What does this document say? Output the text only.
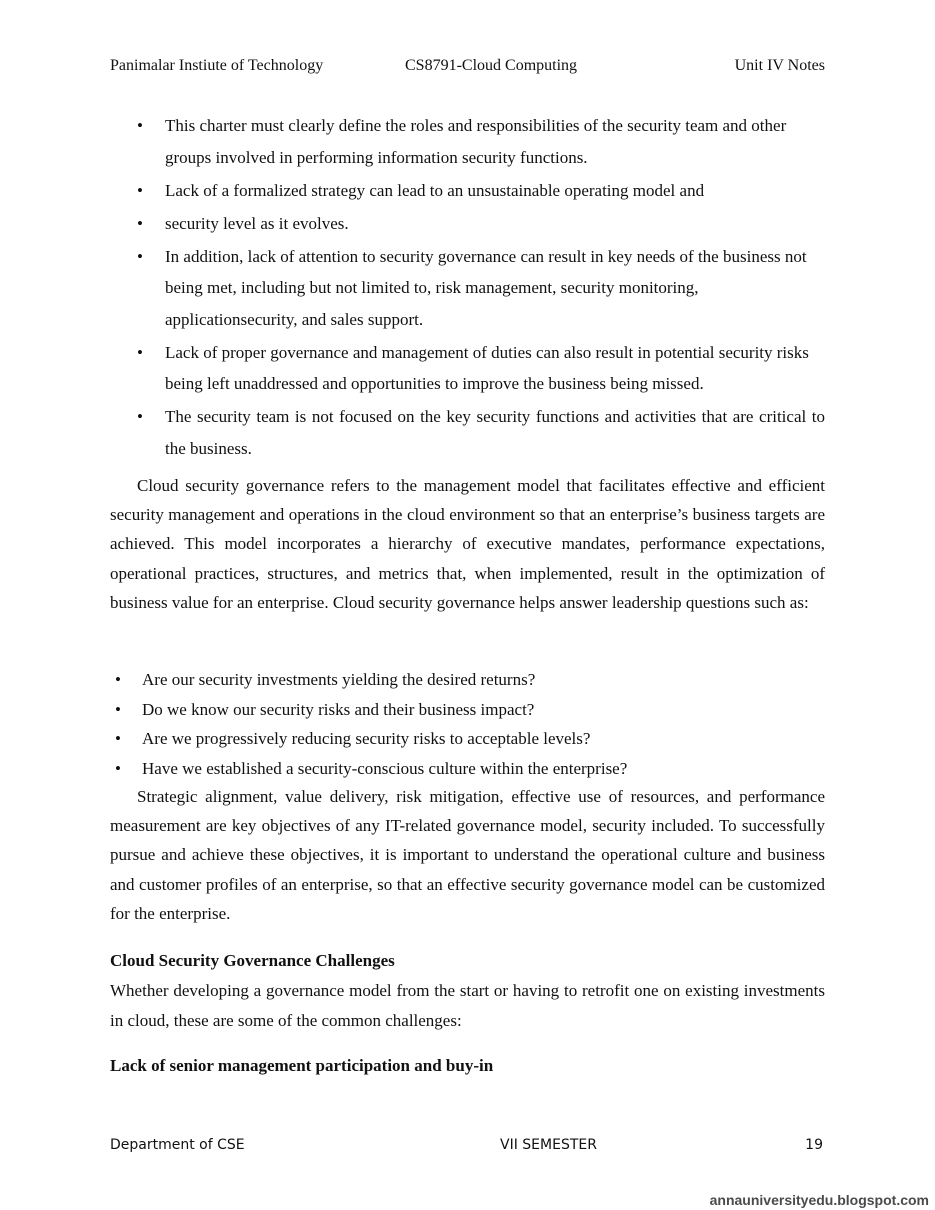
Panimalar Instiute of Technology	CS8791-Cloud Computing	Unit IV Notes
• This charter must clearly define the roles and responsibilities of the security team and other groups involved in performing information security functions.
• Lack of a formalized strategy can lead to an unsustainable operating model and
• security level as it evolves.
• In addition, lack of attention to security governance can result in key needs of the business not being met, including but not limited to, risk management, security monitoring, applicationsecurity, and sales support.
• Lack of proper governance and management of duties can also result in potential security risks being left unaddressed and opportunities to improve the business being missed.
• The security team is not focused on the key security functions and activities that are critical to the business.

Cloud security governance refers to the management model that facilitates effective and efficient security management and operations in the cloud environment so that an enterprise’s business targets are achieved. This model incorporates a hierarchy of executive mandates, performance expectations, operational practices, structures, and metrics that, when implemented, result in the optimization of business value for an enterprise. Cloud security governance helps answer leadership questions such as:

• Are our security investments yielding the desired returns?
• Do we know our security risks and their business impact?
• Are we progressively reducing security risks to acceptable levels?
• Have we established a security-conscious culture within the enterprise?

Strategic alignment, value delivery, risk mitigation, effective use of resources, and performance measurement are key objectives of any IT-related governance model, security included. To successfully pursue and achieve these objectives, it is important to understand the operational culture and business and customer profiles of an enterprise, so that an effective security governance model can be customized for the enterprise.

Cloud Security Governance Challenges

Whether developing a governance model from the start or having to retrofit one on existing investments in cloud, these are some of the common challenges:

Lack of senior management participation and buy-in
Department of CSE	VII SEMESTER	19
annauniversityedu.blogspot.com
